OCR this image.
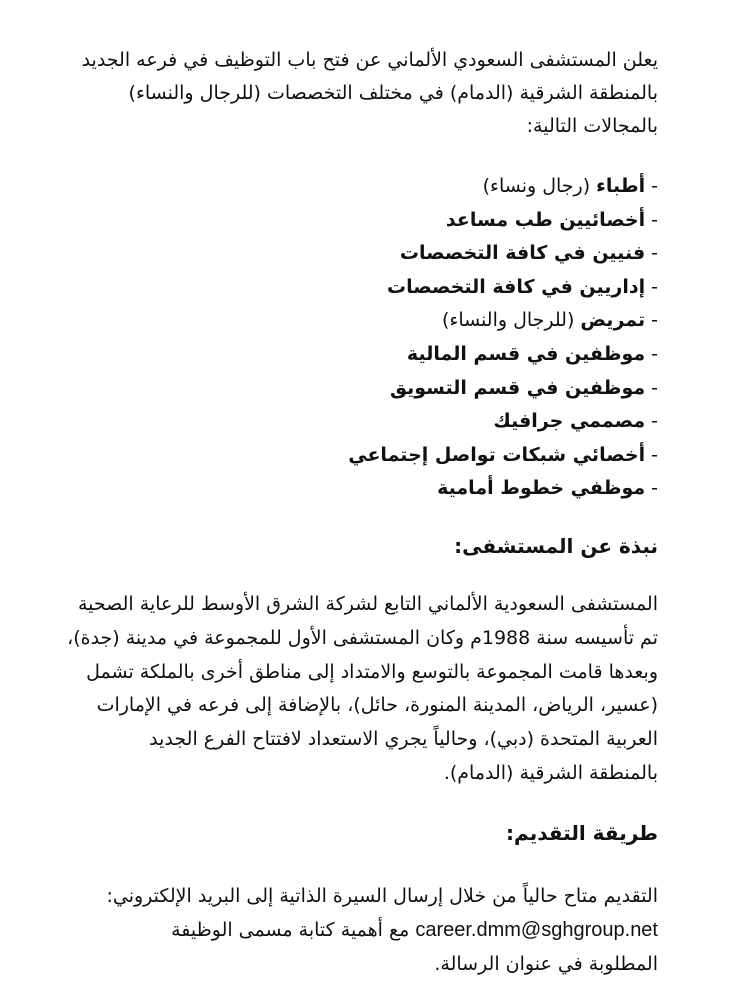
يعلن المستشفى السعودي الألماني عن فتح باب التوظيف في فرعه الجديد

بالمنطقة الشرقية (الدمام) في مختلف التخصصات (للرجال والنساء)

بالمجالات التالية:

-أطباء(رجال ونساء)
-أخصائيين طب مساعد
-فنيين في كافة التخصصات
-إداريين في كافة التخصصات
-تمريض(للرجال والنساء)
-موظفين في قسم المالية
-موظفين في قسم التسويق
-مصممي جرافيك
-أخصائي شبكات تواصل إجتماعي
-موظفي خطوط أمامية
نبذة عن المستشفى:

المستشفى السعودية الألماني التابع لشركة الشرق الأوسط للرعاية الصحية
تم تأسيسه سنة 1988م وكان المستشفى الأول للمجموعة في مدينة (جدة)،
وبعدها قامت المجموعة بالتوسع والامتداد إلى مناطق أخرى بالملكة تشمل
(عسير، الرياض، المدينة المنورة، حائل)، بالإضافة إلى فرعه في الإمارات
العربية المتحدة (دبي)، وحالياً يجري الاستعداد لافتتاح الفرع الجديد
بالمنطقة الشرقية (الدمام).

طريقة التقديم:

التقديم متاح حالياً من خلال إرسال السيرة الذاتية إلى البريد الإلكتروني:
career.dmm@sghgroup.net مع أهمية كتابة مسمى الوظيفة
المطلوبة في عنوان الرسالة.
